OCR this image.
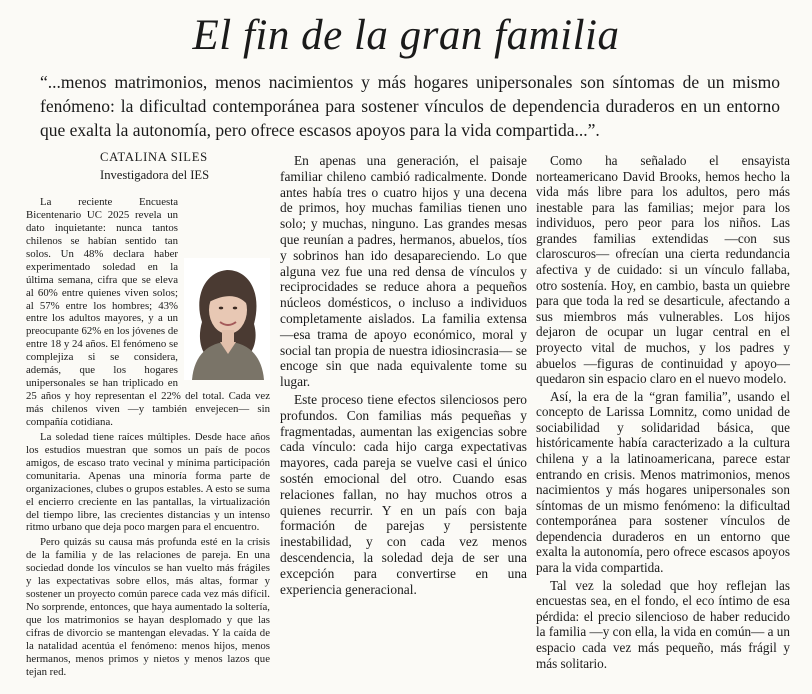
El fin de la gran familia
“...menos matrimonios, menos nacimientos y más hogares unipersonales son síntomas de un mismo fenómeno: la dificultad contemporánea para sostener vínculos de dependencia duraderos en un entorno que exalta la autonomía, pero ofrece escasos apoyos para la vida compartida...”.
CATALINA SILES
Investigadora del IES

La reciente Encuesta Bicentenario UC 2025 revela un dato inquietante: nunca tantos chilenos se habían sentido tan solos. Un 48% declara haber experimentado soledad en la última semana, cifra que se eleva al 60% entre quienes viven solos; al 57% entre los hombres; 43% entre los adultos mayores, y a un preocupante 62% en los jóvenes de entre 18 y 24 años. El fenómeno se complejiza si se considera, además, que los hogares unipersonales se han triplicado en 25 años y hoy representan el 22% del total. Cada vez más chilenos viven —y también envejecen— sin compañía cotidiana.

La soledad tiene raíces múltiples. Desde hace años los estudios muestran que somos un país de pocos amigos, de escaso trato vecinal y mínima participación comunitaria. Apenas una minoría forma parte de organizaciones, clubes o grupos estables. A esto se suma el encierro creciente en las pantallas, la virtualización del tiempo libre, las crecientes distancias y un intenso ritmo urbano que deja poco margen para el encuentro.

Pero quizás su causa más profunda esté en la crisis de la familia y de las relaciones de pareja. En una sociedad donde los vínculos se han vuelto más frágiles y las expectativas sobre ellos, más altas, formar y sostener un proyecto común parece cada vez más difícil. No sorprende, entonces, que haya aumentado la soltería, que los matrimonios se hayan desplomado y que las cifras de divorcio se mantengan elevadas. Y la caída de la natalidad acentúa el fenómeno: menos hijos, menos hermanos, menos primos y nietos y menos lazos que tejan red.

En apenas una generación, el paisaje familiar chileno cambió radicalmente. Donde antes había tres o cuatro hijos y una decena de primos, hoy muchas familias tienen uno solo; y muchas, ninguno. Las grandes mesas que reunían a padres, hermanos, abuelos, tíos y sobrinos han ido desapareciendo. Lo que alguna vez fue una red densa de vínculos y reciprocidades se reduce ahora a pequeños núcleos domésticos, o incluso a individuos completamente aislados. La familia extensa —esa trama de apoyo económico, moral y social tan propia de nuestra idiosincrasia— se encoge sin que nada equivalente tome su lugar.

Este proceso tiene efectos silenciosos pero profundos. Con familias más pequeñas y fragmentadas, aumentan las exigencias sobre cada vínculo: cada hijo carga expectativas mayores, cada pareja se vuelve casi el único sostén emocional del otro. Cuando esas relaciones fallan, no hay muchos otros a quienes recurrir. Y en un país con baja formación de parejas y persistente inestabilidad, y con cada vez menos descendencia, la soledad deja de ser una excepción para convertirse en una experiencia generacional.

Como ha señalado el ensayista norteamericano David Brooks, hemos hecho la vida más libre para los adultos, pero más inestable para las familias; mejor para los individuos, pero peor para los niños. Las grandes familias extendidas —con sus claroscuros— ofrecían una cierta redundancia afectiva y de cuidado: si un vínculo fallaba, otro sostenía. Hoy, en cambio, basta un quiebre para que toda la red se desarticule, afectando a sus miembros más vulnerables. Los hijos dejaron de ocupar un lugar central en el proyecto vital de muchos, y los padres y abuelos —figuras de continuidad y apoyo— quedaron sin espacio claro en el nuevo modelo.

Así, la era de la “gran familia”, usando el concepto de Larissa Lomnitz, como unidad de sociabilidad y solidaridad básica, que históricamente había caracterizado a la cultura chilena y a la latinoamericana, parece estar entrando en crisis. Menos matrimonios, menos nacimientos y más hogares unipersonales son síntomas de un mismo fenómeno: la dificultad contemporánea para sostener vínculos de dependencia duraderos en un entorno que exalta la autonomía, pero ofrece escasos apoyos para la vida compartida.

Tal vez la soledad que hoy reflejan las encuestas sea, en el fondo, el eco íntimo de esa pérdida: el precio silencioso de haber reducido la familia —y con ella, la vida en común— a un espacio cada vez más pequeño, más frágil y más solitario.
